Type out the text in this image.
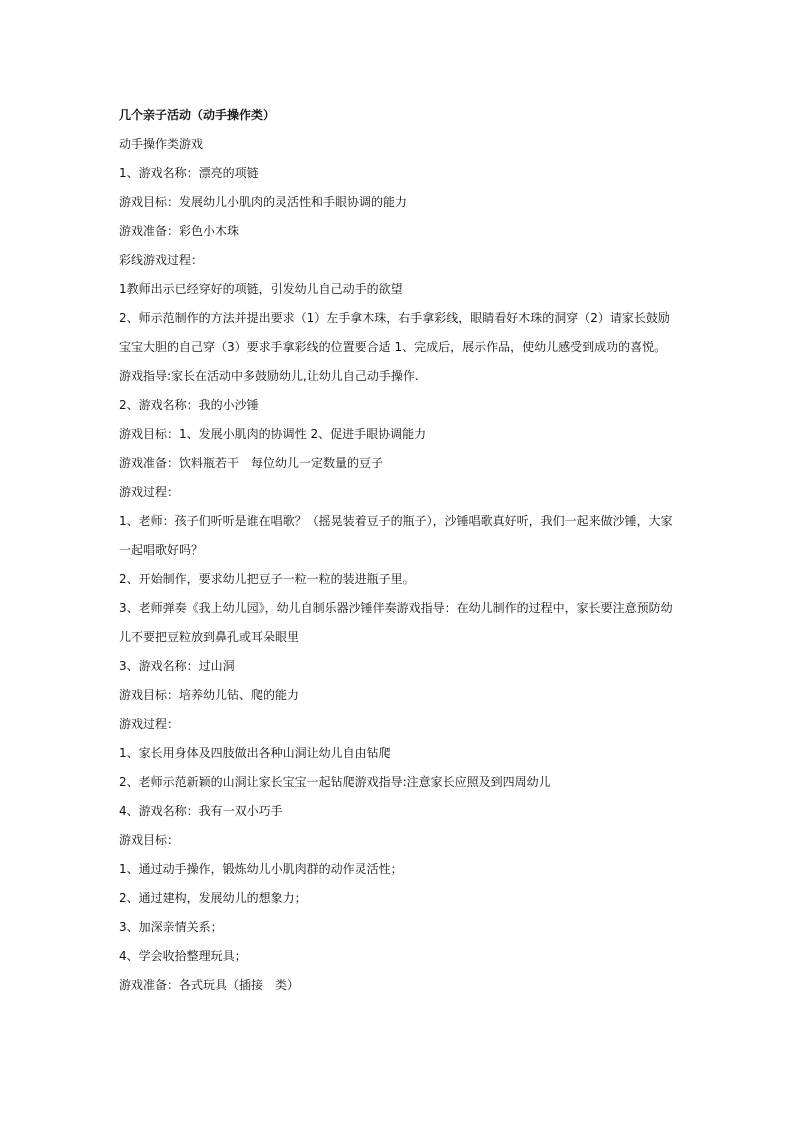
几个亲子活动（动手操作类）
动手操作类游戏
1、游戏名称：漂亮的项链
游戏目标：发展幼儿小肌肉的灵活性和手眼协调的能力
游戏准备：彩色小木珠
彩线游戏过程：
1教师出示已经穿好的项链，引发幼儿自己动手的欲望
2、师示范制作的方法并提出要求（1）左手拿木珠，右手拿彩线，眼睛看好木珠的洞穿（2）请家长鼓励
宝宝大胆的自己穿（3）要求手拿彩线的位置要合适 1、完成后，展示作品，使幼儿感受到成功的喜悦。
游戏指导:家长在活动中多鼓励幼儿,让幼儿自己动手操作.
2、游戏名称：我的小沙锤
游戏目标：1、发展小肌肉的协调性 2、促进手眼协调能力
游戏准备：饮料瓶若干　每位幼儿一定数量的豆子
游戏过程：
1、老师：孩子们听听是谁在唱歌？（摇晃装着豆子的瓶子），沙锤唱歌真好听，我们一起来做沙锤，大家
一起唱歌好吗？
2、开始制作，要求幼儿把豆子一粒一粒的装进瓶子里。
3、老师弹奏《我上幼儿园》，幼儿自制乐器沙锤伴奏游戏指导：在幼儿制作的过程中，家长要注意预防幼
儿不要把豆粒放到鼻孔或耳朵眼里
3、游戏名称：过山洞
游戏目标：培养幼儿钻、爬的能力
游戏过程：
1、家长用身体及四肢做出各种山洞让幼儿自由钻爬
2、老师示范新颖的山洞让家长宝宝一起钻爬游戏指导:注意家长应照及到四周幼儿
4、游戏名称：我有一双小巧手
游戏目标：
1、通过动手操作，锻炼幼儿小肌肉群的动作灵活性；
2、通过建构，发展幼儿的想象力；
3、加深亲情关系；
4、学会收拾整理玩具；
游戏准备：各式玩具（插接　类）
